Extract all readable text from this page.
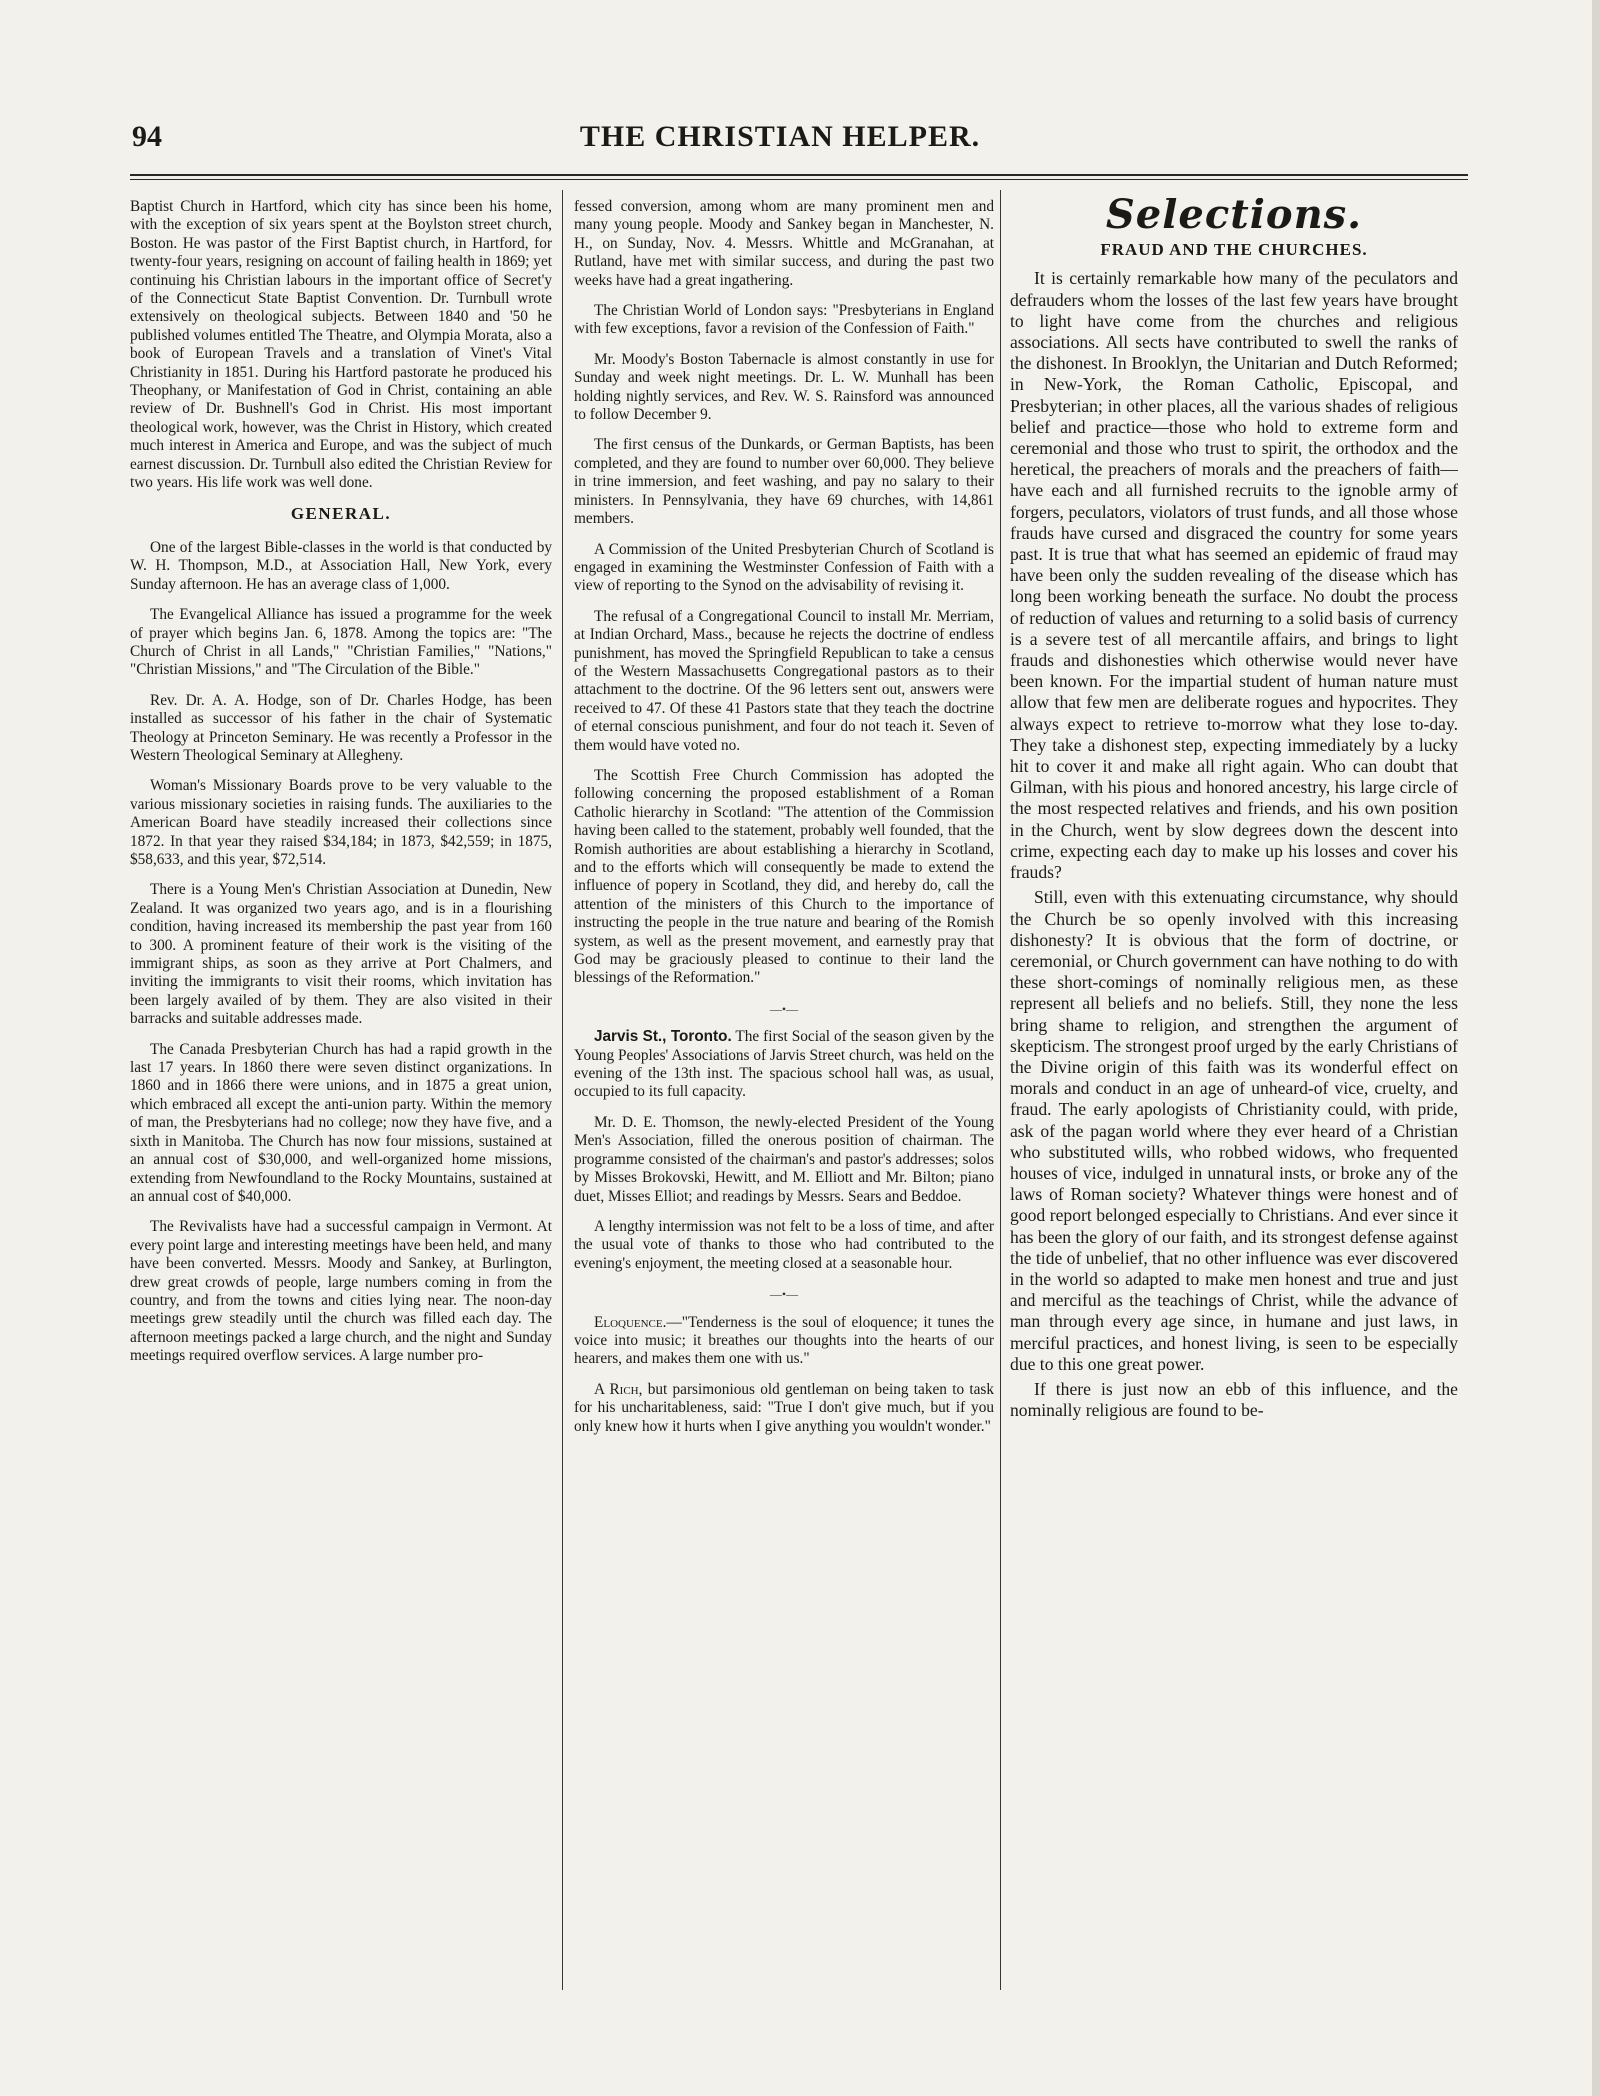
94	THE CHRISTIAN HELPER.

Baptist Church in Hartford, which city has since been his home, with the exception of six years spent at the Boylston street church, Boston. He was pastor of the First Baptist church, in Hartford, for twenty-four years, resigning on account of failing health in 1869; yet continuing his Christian labours in the important office of Secret'y of the Connecticut State Baptist Convention. Dr. Turnbull wrote extensively on theological subjects. Between 1840 and '50 he published volumes entitled The Theatre, and Olympia Morata, also a book of European Travels and a translation of Vinet's Vital Christianity in 1851. During his Hartford pastorate he produced his Theophany, or Manifestation of God in Christ, containing an able review of Dr. Bushnell's God in Christ. His most important theological work, however, was the Christ in History, which created much interest in America and Europe, and was the subject of much earnest discussion. Dr. Turnbull also edited the Christian Review for two years. His life work was well done.

GENERAL.

One of the largest Bible-classes in the world is that conducted by W. H. Thompson, M.D., at Association Hall, New York, every Sunday afternoon. He has an average class of 1,000.

The Evangelical Alliance has issued a programme for the week of prayer which begins Jan. 6, 1878. Among the topics are: "The Church of Christ in all Lands," "Christian Families," "Nations," "Christian Missions," and "The Circulation of the Bible."

Rev. Dr. A. A. Hodge, son of Dr. Charles Hodge, has been installed as successor of his father in the chair of Systematic Theology at Princeton Seminary. He was recently a Professor in the Western Theological Seminary at Allegheny.

Woman's Missionary Boards prove to be very valuable to the various missionary societies in raising funds. The auxiliaries to the American Board have steadily increased their collections since 1872. In that year they raised $34,184; in 1873, $42,559; in 1875, $58,633, and this year, $72,514.

There is a Young Men's Christian Association at Dunedin, New Zealand. It was organized two years ago, and is in a flourishing condition, having increased its membership the past year from 160 to 300. A prominent feature of their work is the visiting of the immigrant ships, as soon as they arrive at Port Chalmers, and inviting the immigrants to visit their rooms, which invitation has been largely availed of by them. They are also visited in their barracks and suitable addresses made.

The Canada Presbyterian Church has had a rapid growth in the last 17 years. In 1860 there were seven distinct organizations. In 1860 and in 1866 there were unions, and in 1875 a great union, which embraced all except the anti-union party. Within the memory of man, the Presbyterians had no college; now they have five, and a sixth in Manitoba. The Church has now four missions, sustained at an annual cost of $30,000, and well-organized home missions, extending from Newfoundland to the Rocky Mountains, sustained at an annual cost of $40,000.

The Revivalists have had a successful campaign in Vermont. At every point large and interesting meetings have been held, and many have been converted. Messrs. Moody and Sankey, at Burlington, drew great crowds of people, large numbers coming in from the country, and from the towns and cities lying near. The noon-day meetings grew steadily until the church was filled each day. The afternoon meetings packed a large church, and the night and Sunday meetings required overflow services. A large number pro-

fessed conversion, among whom are many prominent men and many young people. Moody and Sankey began in Manchester, N. H., on Sunday, Nov. 4. Messrs. Whittle and McGranahan, at Rutland, have met with similar success, and during the past two weeks have had a great ingathering.

The Christian World of London says: "Presbyterians in England with few exceptions, favor a revision of the Confession of Faith."

Mr. Moody's Boston Tabernacle is almost constantly in use for Sunday and week night meetings. Dr. L. W. Munhall has been holding nightly services, and Rev. W. S. Rainsford was announced to follow December 9.

The first census of the Dunkards, or German Baptists, has been completed, and they are found to number over 60,000. They believe in trine immersion, and feet washing, and pay no salary to their ministers. In Pennsylvania, they have 69 churches, with 14,861 members.

A Commission of the United Presbyterian Church of Scotland is engaged in examining the Westminster Confession of Faith with a view of reporting to the Synod on the advisability of revising it.

The refusal of a Congregational Council to install Mr. Merriam, at Indian Orchard, Mass., because he rejects the doctrine of endless punishment, has moved the Springfield Republican to take a census of the Western Massachusetts Congregational pastors as to their attachment to the doctrine. Of the 96 letters sent out, answers were received to 47. Of these 41 Pastors state that they teach the doctrine of eternal conscious punishment, and four do not teach it. Seven of them would have voted no.

The Scottish Free Church Commission has adopted the following concerning the proposed establishment of a Roman Catholic hierarchy in Scotland: "The attention of the Commission having been called to the statement, probably well founded, that the Romish authorities are about establishing a hierarchy in Scotland, and to the efforts which will consequently be made to extend the influence of popery in Scotland, they did, and hereby do, call the attention of the ministers of this Church to the importance of instructing the people in the true nature and bearing of the Romish system, as well as the present movement, and earnestly pray that God may be graciously pleased to continue to their land the blessings of the Reformation."

—•—

Jarvis St., Toronto. The first Social of the season given by the Young Peoples' Associations of Jarvis Street church, was held on the evening of the 13th inst. The spacious school hall was, as usual, occupied to its full capacity.

Mr. D. E. Thomson, the newly-elected President of the Young Men's Association, filled the onerous position of chairman. The programme consisted of the chairman's and pastor's addresses; solos by Misses Brokovski, Hewitt, and M. Elliott and Mr. Bilton; piano duet, Misses Elliot; and readings by Messrs. Sears and Beddoe.

A lengthy intermission was not felt to be a loss of time, and after the usual vote of thanks to those who had contributed to the evening's enjoyment, the meeting closed at a seasonable hour.

—•—

Eloquence.—"Tenderness is the soul of eloquence; it tunes the voice into music; it breathes our thoughts into the hearts of our hearers, and makes them one with us."

A Rich, but parsimonious old gentleman on being taken to task for his uncharitableness, said: "True I don't give much, but if you only knew how it hurts when I give anything you wouldn't wonder."

Selections.
FRAUD AND THE CHURCHES.

It is certainly remarkable how many of the peculators and defrauders whom the losses of the last few years have brought to light have come from the churches and religious associations. All sects have contributed to swell the ranks of the dishonest. In Brooklyn, the Unitarian and Dutch Reformed; in New-York, the Roman Catholic, Episcopal, and Presbyterian; in other places, all the various shades of religious belief and practice—those who hold to extreme form and ceremonial and those who trust to spirit, the orthodox and the heretical, the preachers of morals and the preachers of faith—have each and all furnished recruits to the ignoble army of forgers, peculators, violators of trust funds, and all those whose frauds have cursed and disgraced the country for some years past. It is true that what has seemed an epidemic of fraud may have been only the sudden revealing of the disease which has long been working beneath the surface. No doubt the process of reduction of values and returning to a solid basis of currency is a severe test of all mercantile affairs, and brings to light frauds and dishonesties which otherwise would never have been known. For the impartial student of human nature must allow that few men are deliberate rogues and hypocrites. They always expect to retrieve to-morrow what they lose to-day. They take a dishonest step, expecting immediately by a lucky hit to cover it and make all right again. Who can doubt that Gilman, with his pious and honored ancestry, his large circle of the most respected relatives and friends, and his own position in the Church, went by slow degrees down the descent into crime, expecting each day to make up his losses and cover his frauds?

Still, even with this extenuating circumstance, why should the Church be so openly involved with this increasing dishonesty? It is obvious that the form of doctrine, or ceremonial, or Church government can have nothing to do with these short-comings of nominally religious men, as these represent all beliefs and no beliefs. Still, they none the less bring shame to religion, and strengthen the argument of skepticism. The strongest proof urged by the early Christians of the Divine origin of this faith was its wonderful effect on morals and conduct in an age of unheard-of vice, cruelty, and fraud. The early apologists of Christianity could, with pride, ask of the pagan world where they ever heard of a Christian who substituted wills, who robbed widows, who frequented houses of vice, indulged in unnatural insts, or broke any of the laws of Roman society? Whatever things were honest and of good report belonged especially to Christians. And ever since it has been the glory of our faith, and its strongest defense against the tide of unbelief, that no other influence was ever discovered in the world so adapted to make men honest and true and just and merciful as the teachings of Christ, while the advance of man through every age since, in humane and just laws, in merciful practices, and honest living, is seen to be especially due to this one great power.

If there is just now an ebb of this influence, and the nominally religious are found to be-
